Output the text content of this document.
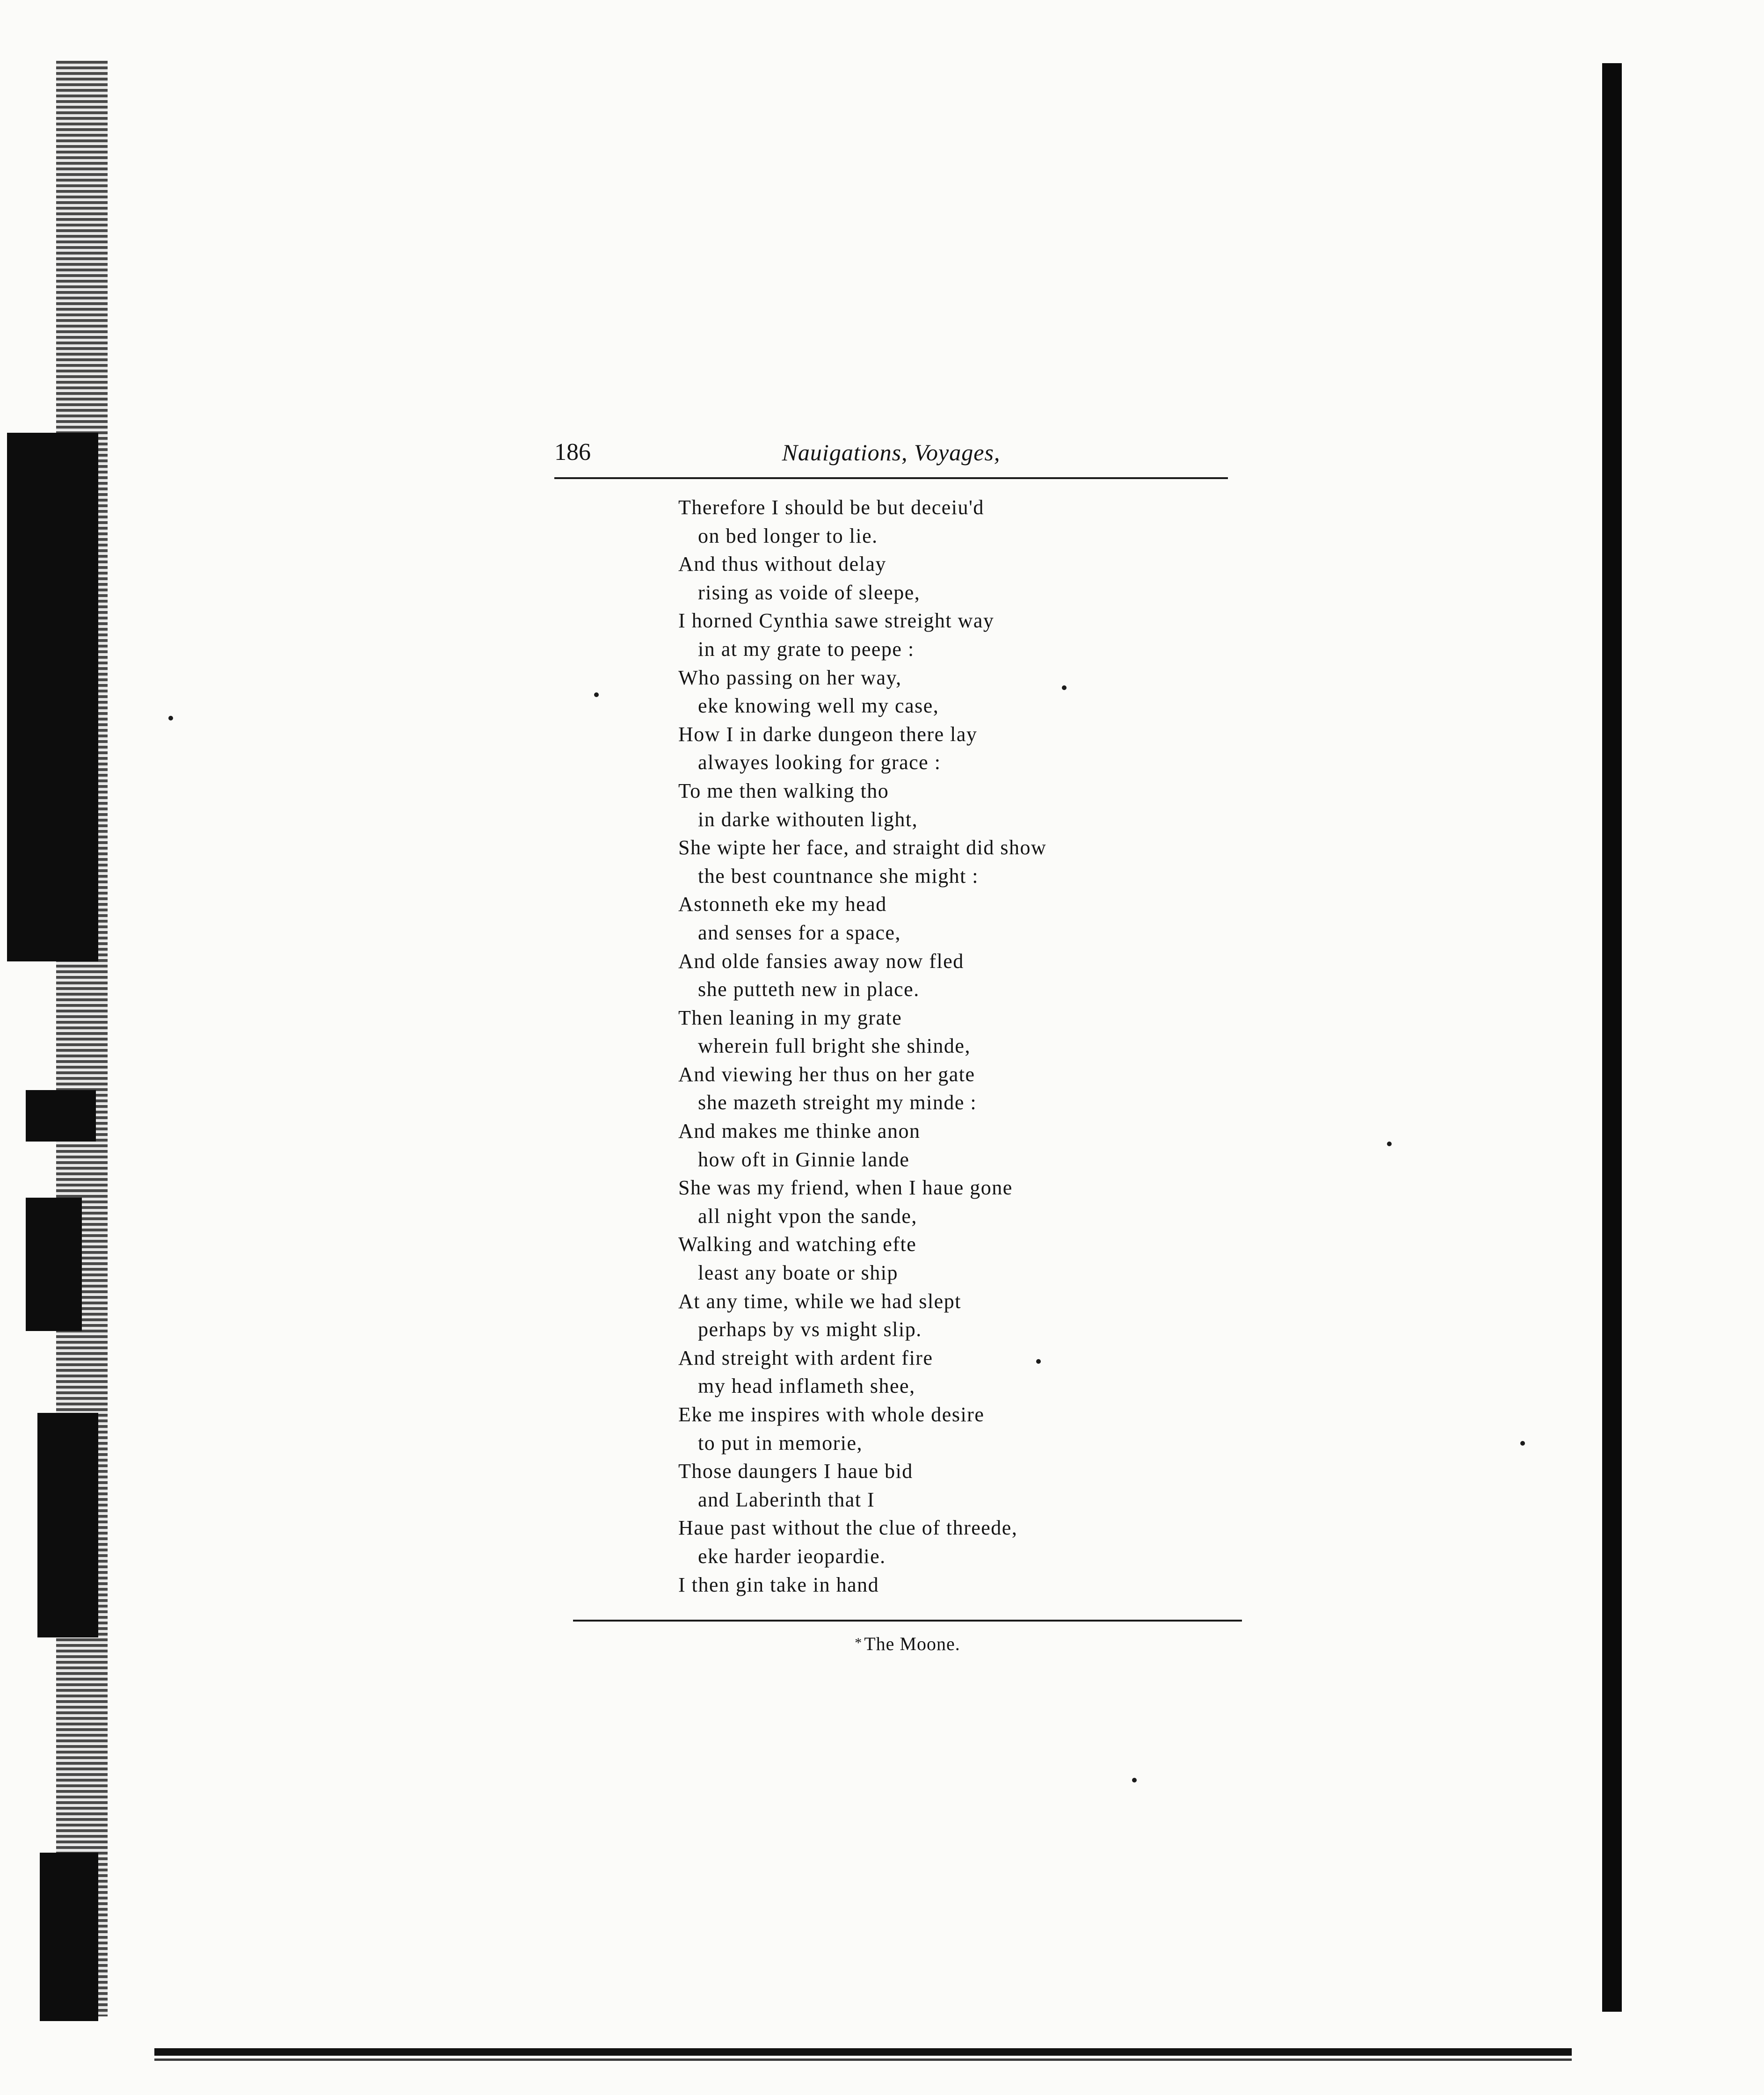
186	Nauigations, Voyages,
Therefore I should be but deceiu'd
on bed longer to lie.
And thus without delay
rising as voide of sleepe,
I horned Cynthia sawe streight way
in at my grate to peepe :
Who passing on her way,
eke knowing well my case,
How I in darke dungeon there lay
alwayes looking for grace :
To me then walking tho
in darke withouten light,
She wipte her face, and straight did show
the best countnance she might :
Astonneth eke my head
and senses for a space,
And olde fansies away now fled
she putteth new in place.
Then leaning in my grate
wherein full bright she shinde,
And viewing her thus on her gate
she mazeth streight my minde :
And makes me thinke anon
how oft in Ginnie lande
She was my friend, when I haue gone
all night vpon the sande,
Walking and watching efte
least any boate or ship
At any time, while we had slept
perhaps by vs might slip.
And streight with ardent fire
my head inflameth shee,
Eke me inspires with whole desire
to put in memorie,
Those daungers I haue bid
and Laberinth that I
Haue past without the clue of threede,
eke harder ieopardie.
I then gin take in hand
* The Moone.
